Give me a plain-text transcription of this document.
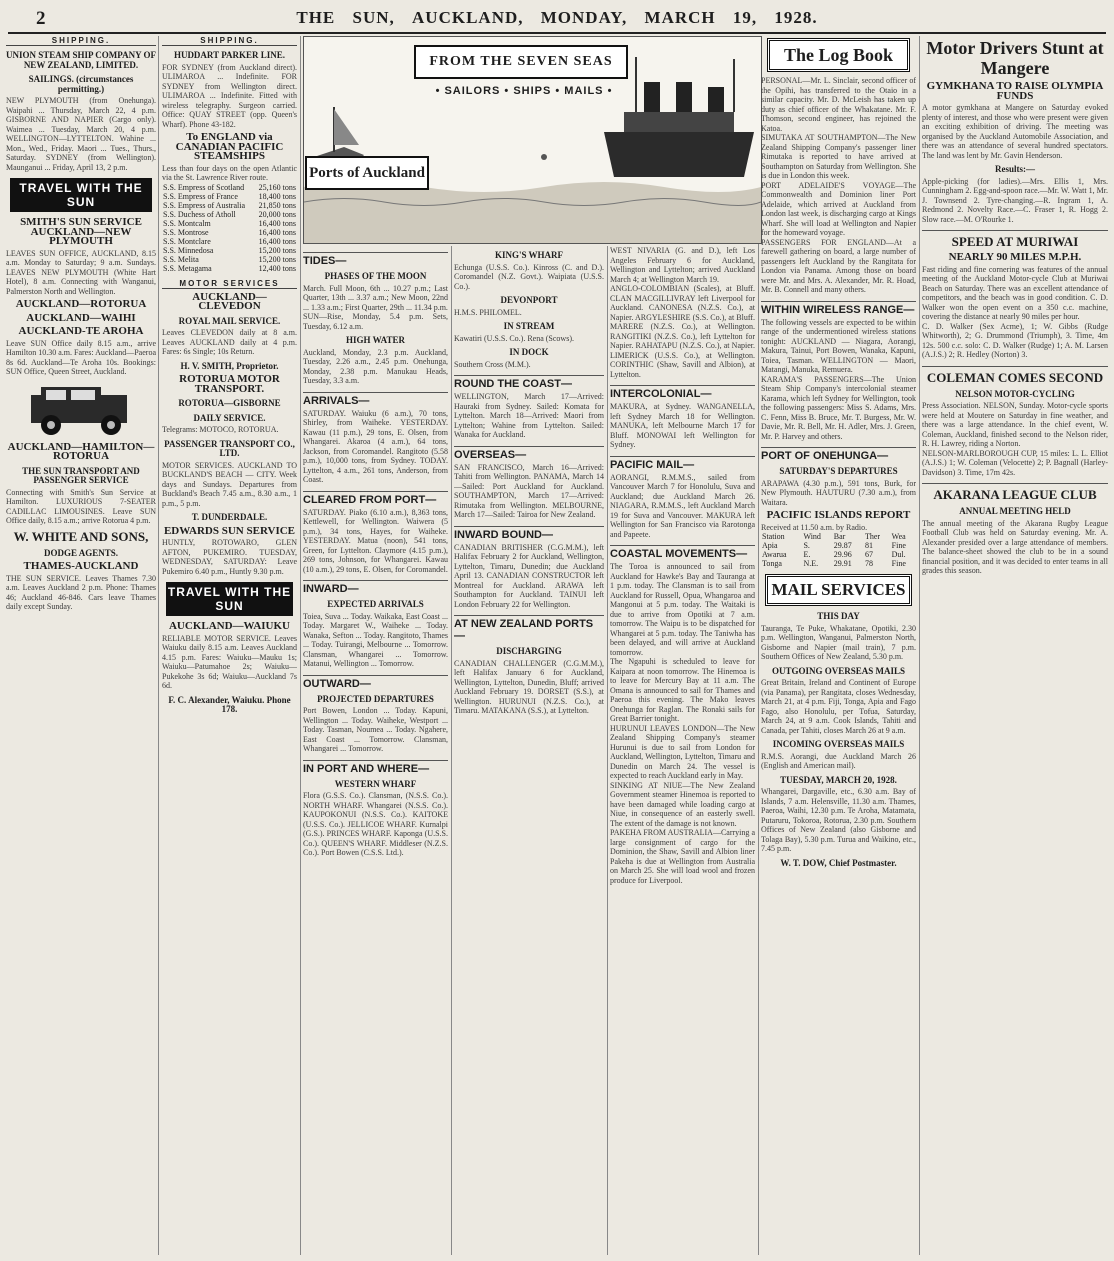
2	THE SUN, AUCKLAND, MONDAY, MARCH 19, 1928.
SHIPPING.
UNION STEAM SHIP COMPANY OF NEW ZEALAND, LIMITED.
SAILINGS. (circumstances permitting.)
NEW PLYMOUTH (from Onehunga). Waipahi ... Thursday, March 22, 4 p.m. GISBORNE AND NAPIER (Cargo only). Waimea ... Tuesday, March 20, 4 p.m. WELLINGTON—LYTTELTON. Wahine ... Mon., Wed., Friday. Maori ... Tues., Thurs., Saturday. SYDNEY (from Wellington). Maunganui ... Friday, April 13, 2 p.m.
TRAVEL WITH THE SUN
SMITH'S SUN SERVICE AUCKLAND—NEW PLYMOUTH
LEAVES SUN OFFICE, AUCKLAND, 8.15 a.m. Monday to Saturday; 9 a.m. Sundays. LEAVES NEW PLYMOUTH (White Hart Hotel), 8 a.m. Connecting with Wanganui, Palmerston North and Wellington.
AUCKLAND—ROTORUA
AUCKLAND—WAIHI
AUCKLAND-TE AROHA
Leave SUN Office daily 8.15 a.m., arrive Hamilton 10.30 a.m. Fares: Auckland—Paeroa 8s 6d. Auckland—Te Aroha 10s. Bookings: SUN Office, Queen Street, Auckland.
AUCKLAND—HAMILTON—ROTORUA
THE SUN TRANSPORT AND PASSENGER SERVICE
Connecting with Smith's Sun Service at Hamilton. LUXURIOUS 7-SEATER CADILLAC LIMOUSINES. Leave SUN Office daily, 8.15 a.m.; arrive Rotorua 4 p.m.
W. WHITE AND SONS,
DODGE AGENTS.
THAMES-AUCKLAND
THE SUN SERVICE. Leaves Thames 7.30 a.m. Leaves Auckland 2 p.m. Phone: Thames 46; Auckland 46-846. Cars leave Thames daily except Sunday.
SHIPPING.
HUDDART PARKER LINE.
FOR SYDNEY (from Auckland direct). ULIMAROA ... Indefinite. FOR SYDNEY from Wellington direct. ULIMAROA ... Indefinite. Fitted with wireless telegraphy. Surgeon carried. Office: QUAY STREET (opp. Queen's Wharf). Phone 43-182.
To ENGLAND via CANADIAN PACIFIC STEAMSHIPS
Less than four days on the open Atlantic via the St. Lawrence River route.
S.S. Empress of Scotland	25,160 tons
S.S. Empress of France	18,400 tons
S.S. Empress of Australia	21,850 tons
S.S. Duchess of Atholl	20,000 tons
S.S. Montcalm	16,400 tons
S.S. Montrose	16,400 tons
S.S. Montclare	16,400 tons
S.S. Minnedosa	15,200 tons
S.S. Melita	15,200 tons
S.S. Metagama	12,400 tons
MOTOR SERVICES
AUCKLAND—CLEVEDON
ROYAL MAIL SERVICE.
Leaves CLEVEDON daily at 8 a.m. Leaves AUCKLAND daily at 4 p.m. Fares: 6s Single; 10s Return.
H. V. SMITH, Proprietor.
ROTORUA MOTOR TRANSPORT.
ROTORUA—GISBORNE
DAILY SERVICE.
Telegrams: MOTOCO, ROTORUA.
PASSENGER TRANSPORT CO., LTD.
MOTOR SERVICES. AUCKLAND TO BUCKLAND'S BEACH — CITY. Week days and Sundays. Departures from Buckland's Beach 7.45 a.m., 8.30 a.m., 1 p.m., 5 p.m.
T. DUNDERDALE.
EDWARDS SUN SERVICE
HUNTLY, ROTOWARO, GLEN AFTON, PUKEMIRO. TUESDAY, WEDNESDAY, SATURDAY: Leave Pukemiro 6.40 p.m., Huntly 9.30 p.m.
TRAVEL WITH THE SUN
AUCKLAND—WAIUKU
RELIABLE MOTOR SERVICE. Leaves Waiuku daily 8.15 a.m. Leaves Auckland 4.15 p.m. Fares: Waiuku—Mauku 1s; Waiuku—Patumahoe 2s; Waiuku—Pukekohe 3s 6d; Waiuku—Auckland 7s 6d.
F. C. Alexander, Waiuku. Phone 178.
FROM THE SEVEN SEAS
• SAILORS • SHIPS • MAILS •
Ports of Auckland
TIDES—
PHASES OF THE MOON
March. Full Moon, 6th ... 10.27 p.m.; Last Quarter, 13th ... 3.37 a.m.; New Moon, 22nd ... 1.33 a.m.; First Quarter, 29th ... 11.34 p.m.
SUN—Rise, Monday, 5.4 p.m. Sets, Tuesday, 6.12 a.m.
HIGH WATER
Auckland, Monday, 2.3 p.m. Auckland, Tuesday, 2.26 a.m., 2.45 p.m. Onehunga, Monday, 2.38 p.m. Manukau Heads, Tuesday, 3.3 a.m.
ARRIVALS—
SATURDAY. Waiuku (6 a.m.), 70 tons, Shirley, from Waiheke. YESTERDAY. Kawau (11 p.m.), 29 tons, E. Olsen, from Whangarei. Akaroa (4 a.m.), 64 tons, Jackson, from Coromandel. Rangitoto (5.58 p.m.), 10,000 tons, from Sydney. TODAY. Lyttelton, 4 a.m., 261 tons, Anderson, from Coast.
CLEARED FROM PORT—
SATURDAY. Piako (6.10 a.m.), 8,363 tons, Kettlewell, for Wellington. Waiwera (5 p.m.), 34 tons, Hayes, for Waiheke. YESTERDAY. Matua (noon), 541 tons, Green, for Lyttelton. Claymore (4.15 p.m.), 269 tons, Johnson, for Whangarei. Kawau (10 a.m.), 29 tons, E. Olsen, for Coromandel.
INWARD—
EXPECTED ARRIVALS
Toiea, Suva ... Today. Waikaka, East Coast ... Today. Margaret W., Waiheke ... Today. Wanaka, Sefton ... Today. Rangitoto, Thames ... Today. Tuirangi, Melbourne ... Tomorrow. Clansman, Whangarei ... Tomorrow. Matanui, Wellington ... Tomorrow.
OUTWARD—
PROJECTED DEPARTURES
Port Bowen, London ... Today. Kapuni, Wellington ... Today. Waiheke, Westport ... Today. Tasman, Noumea ... Today. Ngahere, East Coast ... Tomorrow. Clansman, Whangarei ... Tomorrow.
IN PORT AND WHERE—
WESTERN WHARF
Flora (G.S.S. Co.). Clansman, (N.S.S. Co.). NORTH WHARF. Whangarei (N.S.S. Co.). KAUPOKONUI (N.S.S. Co.). KAITOKE (U.S.S. Co.). JELLICOE WHARF. Kurnalpi (G.S.). PRINCES WHARF. Kaponga (U.S.S. Co.). QUEEN'S WHARF. Middleser (N.Z.S. Co.). Port Bowen (C.S.S. Ltd.).
KING'S WHARF
Echunga (U.S.S. Co.). Kinross (C. and D.). Coromandel (N.Z. Govt.). Waipiata (U.S.S. Co.).
DEVONPORT
H.M.S. PHILOMEL.
IN STREAM
Kawatiri (U.S.S. Co.). Rena (Scows).
IN DOCK
Southern Cross (M.M.).
ROUND THE COAST—
WELLINGTON, March 17—Arrived: Hauraki from Sydney. Sailed: Komata for Lyttelton. March 18—Arrived: Maori from Lyttelton; Wahine from Lyttelton. Sailed: Wanaka for Auckland.
OVERSEAS—
SAN FRANCISCO, March 16—Arrived: Tahiti from Wellington. PANAMA, March 14—Sailed: Port Auckland for Auckland. SOUTHAMPTON, March 17—Arrived: Rimutaka from Wellington. MELBOURNE, March 17—Sailed: Tairoa for New Zealand.
INWARD BOUND—
CANADIAN BRITISHER (C.G.M.M.), left Halifax February 2 for Auckland, Wellington, Lyttelton, Timaru, Dunedin; due Auckland April 13. CANADIAN CONSTRUCTOR left Montreal for Auckland. ARAWA left Southampton for Auckland. TAINUI left London February 22 for Wellington.
AT NEW ZEALAND PORTS—
DISCHARGING
CANADIAN CHALLENGER (C.G.M.M.), left Halifax January 6 for Auckland, Wellington, Lyttelton, Dunedin, Bluff; arrived Auckland February 19. DORSET (S.S.), at Wellington. HURUNUI (N.Z.S. Co.), at Timaru. MATAKANA (S.S.), at Lyttelton.
WEST NIVARIA (G. and D.), left Los Angeles February 6 for Auckland, Wellington and Lyttelton; arrived Auckland March 4; at Wellington March 19.
ANGLO-COLOMBIAN (Scales), at Bluff. CLAN MACGILLIVRAY left Liverpool for Auckland. CANONESA (N.Z.S. Co.), at Napier. ARGYLESHIRE (S.S. Co.), at Bluff. MARERE (N.Z.S. Co.), at Wellington. RANGITIKI (N.Z.S. Co.), left Lyttelton for Napier. RAHATAPU (N.Z.S. Co.), at Napier. LIMERICK (U.S.S. Co.), at Wellington. CORINTHIC (Shaw, Savill and Albion), at Lyttelton.
INTERCOLONIAL—
MAKURA, at Sydney. WANGANELLA, left Sydney March 18 for Wellington. MANUKA, left Melbourne March 17 for Bluff. MONOWAI left Wellington for Sydney.
PACIFIC MAIL—
AORANGI, R.M.M.S., sailed from Vancouver March 7 for Honolulu, Suva and Auckland; due Auckland March 26. NIAGARA, R.M.M.S., left Auckland March 19 for Suva and Vancouver. MAKURA left Wellington for San Francisco via Rarotonga and Papeete.
COASTAL MOVEMENTS—
The Toroa is announced to sail from Auckland for Hawke's Bay and Tauranga at 1 p.m. today. The Clansman is to sail from Auckland for Russell, Opua, Whangaroa and Mangonui at 5 p.m. today. The Waitaki is due to arrive from Opotiki at 7 a.m. tomorrow. The Waipu is to be dispatched for Whangarei at 5 p.m. today. The Taniwha has been delayed, and will arrive at Auckland tomorrow.
The Ngapuhi is scheduled to leave for Kaipara at noon tomorrow. The Hinemoa is to leave for Mercury Bay at 11 a.m. The Omana is announced to sail for Thames and Paeroa this evening. The Mako leaves Onehunga for Raglan. The Ronaki sails for Great Barrier tonight.
HURUNUI LEAVES LONDON—The New Zealand Shipping Company's steamer Hurunui is due to sail from London for Auckland, Wellington, Lyttelton, Timaru and Dunedin on March 24. The vessel is expected to reach Auckland early in May.
SINKING AT NIUE—The New Zealand Government steamer Hinemoa is reported to have been damaged while loading cargo at Niue, in consequence of an easterly swell. The extent of the damage is not known.
PAKEHA FROM AUSTRALIA—Carrying a large consignment of cargo for the Dominion, the Shaw, Savill and Albion liner Pakeha is due at Wellington from Australia on March 25. She will load wool and frozen produce for Liverpool.
The Log Book
PERSONAL—Mr. L. Sinclair, second officer of the Opihi, has transferred to the Otaio in a similar capacity. Mr. D. McLeish has taken up duty as chief officer of the Whakatane. Mr. F. Thomson, second engineer, has rejoined the Katoa.
SIMUTAKA AT SOUTHAMPTON—The New Zealand Shipping Company's passenger liner Rimutaka is reported to have arrived at Southampton on Saturday from Wellington. She is due in London this week.
PORT ADELAIDE'S VOYAGE—The Commonwealth and Dominion liner Port Adelaide, which arrived at Auckland from London last week, is discharging cargo at Kings Wharf. She will load at Wellington and Napier for the homeward voyage.
PASSENGERS FOR ENGLAND—At a farewell gathering on board, a large number of passengers left Auckland by the Rangitata for London via Panama. Among those on board were Mr. and Mrs. A. Alexander, Mr. R. Hoad, Mr. B. Connell and many others.
WITHIN WIRELESS RANGE—
The following vessels are expected to be within range of the undermentioned wireless stations tonight: AUCKLAND — Niagara, Aorangi, Makura, Tainui, Port Bowen, Wanaka, Kapuni, Toiea, Tasman. WELLINGTON — Maori, Matangi, Manuka, Remuera.
KARAMA'S PASSENGERS—The Union Steam Ship Company's intercolonial steamer Karama, which left Sydney for Wellington, took the following passengers: Miss S. Adams, Mrs. C. Fenn, Miss B. Bruce, Mr. T. Burgess, Mr. W. Davie, Mr. R. Bell, Mr. H. Adler, Mrs. J. Green, Mr. P. Harvey and others.
PORT OF ONEHUNGA—
SATURDAY'S DEPARTURES
ARAPAWA (4.30 p.m.), 591 tons, Burk, for New Plymouth. HAUTURU (7.30 a.m.), from Waitara.
PACIFIC ISLANDS REPORT
Received at 11.50 a.m. by Radio.
Station	Wind	Bar	Ther	Wea
Apia	S.	29.87	81	Fine
Awarua	E.	29.96	67	Dul.
Tonga	N.E.	29.91	78	Fine
MAIL SERVICES
THIS DAY
Tauranga, Te Puke, Whakatane, Opotiki, 2.30 p.m. Wellington, Wanganui, Palmerston North, Gisborne and Napier (mail train), 7 p.m. Southern Offices of New Zealand, 5.30 p.m.
OUTGOING OVERSEAS MAILS
Great Britain, Ireland and Continent of Europe (via Panama), per Rangitata, closes Wednesday, March 21, at 4 p.m. Fiji, Tonga, Apia and Fago Fago, also Honolulu, per Tofua, Saturday, March 24, at 9 a.m. Cook Islands, Tahiti and Canada, per Tahiti, closes March 26 at 9 a.m.
INCOMING OVERSEAS MAILS
R.M.S. Aorangi, due Auckland March 26 (English and American mail).
TUESDAY, MARCH 20, 1928.
Whangarei, Dargaville, etc., 6.30 a.m. Bay of Islands, 7 a.m. Helensville, 11.30 a.m. Thames, Paeroa, Waihi, 12.30 p.m. Te Aroha, Matamata, Putaruru, Tokoroa, Rotorua, 2.30 p.m. Southern Offices of New Zealand (also Gisborne and Tolaga Bay), 5.30 p.m. Turua and Waikino, etc., 7.45 p.m.
W. T. DOW, Chief Postmaster.
Motor Drivers Stunt at Mangere
GYMKHANA TO RAISE OLYMPIA FUNDS
A motor gymkhana at Mangere on Saturday evoked plenty of interest, and those who were present were given an exciting exhibition of driving. The meeting was organised by the Auckland Automobile Association, and there was an attendance of several hundred spectators. The land was lent by Mr. Gavin Henderson.
Results:—
Apple-picking (for ladies).—Mrs. Ellis 1, Mrs. Cunningham 2. Egg-and-spoon race.—Mr. W. Watt 1, Mr. J. Townsend 2. Tyre-changing.—R. Ingram 1, A. Redmond 2. Novelty Race.—C. Fraser 1, R. Hogg 2. Slow race.—M. O'Rourke 1.
SPEED AT MURIWAI
NEARLY 90 MILES M.P.H.
Fast riding and fine cornering was features of the annual meeting of the Auckland Motor-cycle Club at Muriwai Beach on Saturday. There was an excellent attendance of competitors, and the beach was in good condition. C. D. Walker won the open event on a 350 c.c. machine, covering the distance at nearly 90 miles per hour.
C. D. Walker (Sex Acme), 1; W. Gibbs (Rudge Whitworth), 2; G. Drummond (Triumph), 3. Time, 4m 12s. 500 c.c. solo: C. D. Walker (Rudge) 1; A. M. Larsen (A.J.S.) 2; R. Hedley (Norton) 3.
COLEMAN COMES SECOND
NELSON MOTOR-CYCLING
Press Association. NELSON, Sunday. Motor-cycle sports were held at Moutere on Saturday in fine weather, and there was a large attendance. In the chief event, W. Coleman, Auckland, finished second to the Nelson rider, R. H. Lawrey, riding a Norton.
NELSON-MARLBOROUGH CUP, 15 miles: L. L. Elliot (A.J.S.) 1; W. Coleman (Velocette) 2; P. Bagnall (Harley-Davidson) 3. Time, 17m 42s.
AKARANA LEAGUE CLUB
ANNUAL MEETING HELD
The annual meeting of the Akarana Rugby League Football Club was held on Saturday evening. Mr. A. Alexander presided over a large attendance of members. The balance-sheet showed the club to be in a sound financial position, and it was decided to enter teams in all grades this season.
